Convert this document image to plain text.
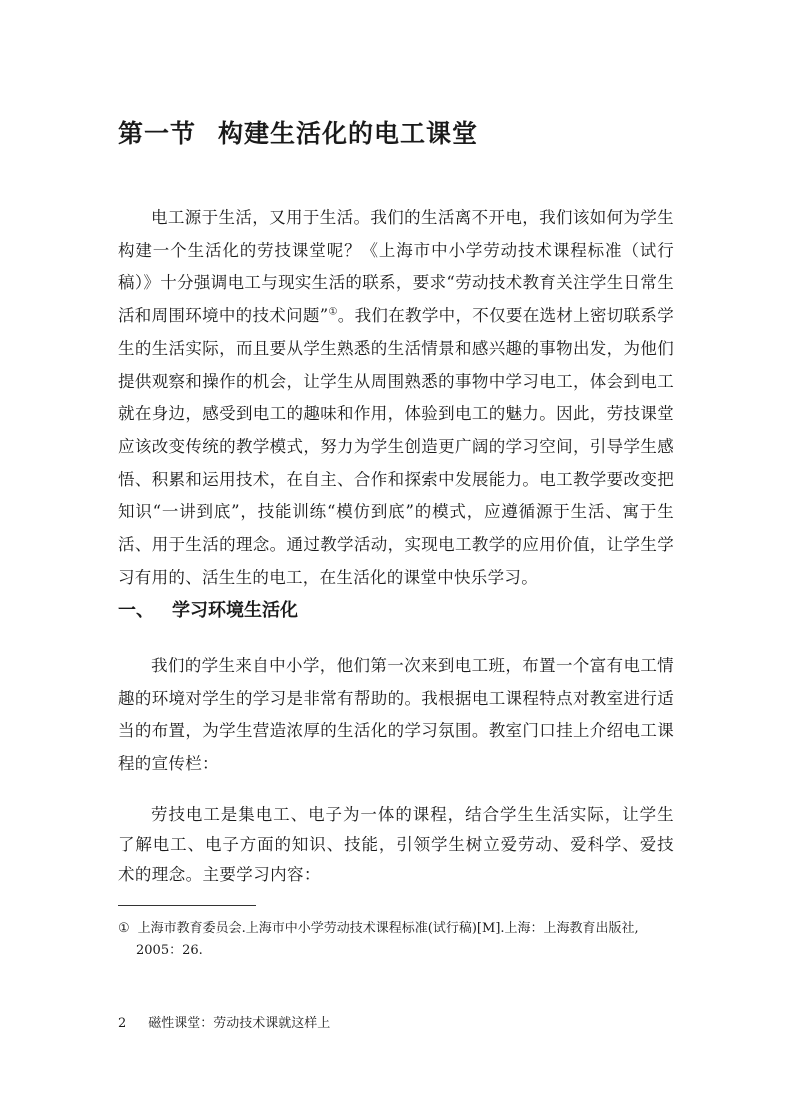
第一节 构建生活化的电工课堂

电工源于生活，又用于生活。我们的生活离不开电，我们该如何为学生构建一个生活化的劳技课堂呢？《上海市中小学劳动技术课程标准（试行稿）》十分强调电工与现实生活的联系，要求“劳动技术教育关注学生日常生活和周围环境中的技术问题”①。我们在教学中，不仅要在选材上密切联系学生的生活实际，而且要从学生熟悉的生活情景和感兴趣的事物出发，为他们提供观察和操作的机会，让学生从周围熟悉的事物中学习电工，体会到电工就在身边，感受到电工的趣味和作用，体验到电工的魅力。因此，劳技课堂应该改变传统的教学模式，努力为学生创造更广阔的学习空间，引导学生感悟、积累和运用技术，在自主、合作和探索中发展能力。电工教学要改变把知识“一讲到底”，技能训练“模仿到底”的模式，应遵循源于生活、寓于生活、用于生活的理念。通过教学活动，实现电工教学的应用价值，让学生学习有用的、活生生的电工，在生活化的课堂中快乐学习。

一、 学习环境生活化

我们的学生来自中小学，他们第一次来到电工班，布置一个富有电工情趣的环境对学生的学习是非常有帮助的。我根据电工课程特点对教室进行适当的布置，为学生营造浓厚的生活化的学习氛围。教室门口挂上介绍电工课程的宣传栏：

劳技电工是集电工、电子为一体的课程，结合学生生活实际，让学生了解电工、电子方面的知识、技能，引领学生树立爱劳动、爱科学、爱技术的理念。主要学习内容：

① 上海市教育委员会.上海市中小学劳动技术课程标准(试行稿)[M].上海：上海教育出版社,
2005：26.

2 磁性课堂：劳动技术课就这样上
